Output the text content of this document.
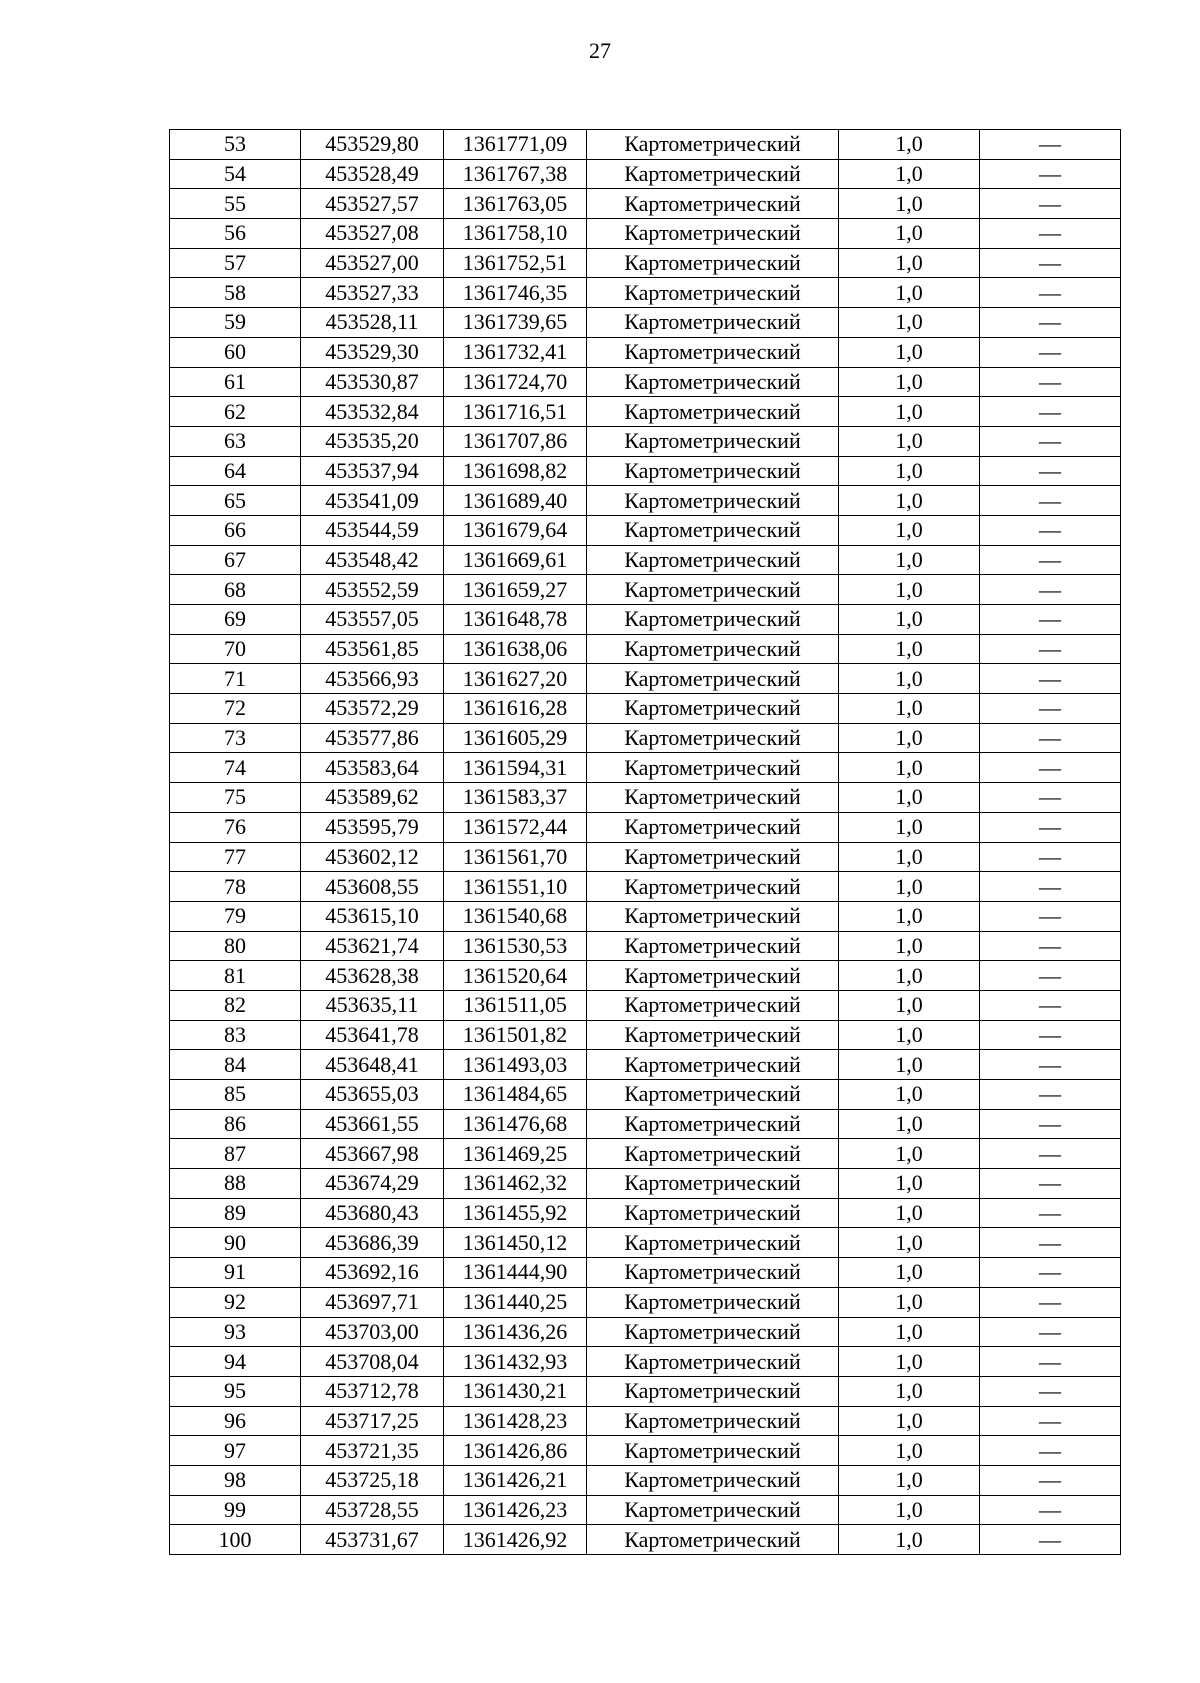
27
53	453529,80	1361771,09	Картометрический	1,0	—
54	453528,49	1361767,38	Картометрический	1,0	—
55	453527,57	1361763,05	Картометрический	1,0	—
56	453527,08	1361758,10	Картометрический	1,0	—
57	453527,00	1361752,51	Картометрический	1,0	—
58	453527,33	1361746,35	Картометрический	1,0	—
59	453528,11	1361739,65	Картометрический	1,0	—
60	453529,30	1361732,41	Картометрический	1,0	—
61	453530,87	1361724,70	Картометрический	1,0	—
62	453532,84	1361716,51	Картометрический	1,0	—
63	453535,20	1361707,86	Картометрический	1,0	—
64	453537,94	1361698,82	Картометрический	1,0	—
65	453541,09	1361689,40	Картометрический	1,0	—
66	453544,59	1361679,64	Картометрический	1,0	—
67	453548,42	1361669,61	Картометрический	1,0	—
68	453552,59	1361659,27	Картометрический	1,0	—
69	453557,05	1361648,78	Картометрический	1,0	—
70	453561,85	1361638,06	Картометрический	1,0	—
71	453566,93	1361627,20	Картометрический	1,0	—
72	453572,29	1361616,28	Картометрический	1,0	—
73	453577,86	1361605,29	Картометрический	1,0	—
74	453583,64	1361594,31	Картометрический	1,0	—
75	453589,62	1361583,37	Картометрический	1,0	—
76	453595,79	1361572,44	Картометрический	1,0	—
77	453602,12	1361561,70	Картометрический	1,0	—
78	453608,55	1361551,10	Картометрический	1,0	—
79	453615,10	1361540,68	Картометрический	1,0	—
80	453621,74	1361530,53	Картометрический	1,0	—
81	453628,38	1361520,64	Картометрический	1,0	—
82	453635,11	1361511,05	Картометрический	1,0	—
83	453641,78	1361501,82	Картометрический	1,0	—
84	453648,41	1361493,03	Картометрический	1,0	—
85	453655,03	1361484,65	Картометрический	1,0	—
86	453661,55	1361476,68	Картометрический	1,0	—
87	453667,98	1361469,25	Картометрический	1,0	—
88	453674,29	1361462,32	Картометрический	1,0	—
89	453680,43	1361455,92	Картометрический	1,0	—
90	453686,39	1361450,12	Картометрический	1,0	—
91	453692,16	1361444,90	Картометрический	1,0	—
92	453697,71	1361440,25	Картометрический	1,0	—
93	453703,00	1361436,26	Картометрический	1,0	—
94	453708,04	1361432,93	Картометрический	1,0	—
95	453712,78	1361430,21	Картометрический	1,0	—
96	453717,25	1361428,23	Картометрический	1,0	—
97	453721,35	1361426,86	Картометрический	1,0	—
98	453725,18	1361426,21	Картометрический	1,0	—
99	453728,55	1361426,23	Картометрический	1,0	—
100	453731,67	1361426,92	Картометрический	1,0	—
